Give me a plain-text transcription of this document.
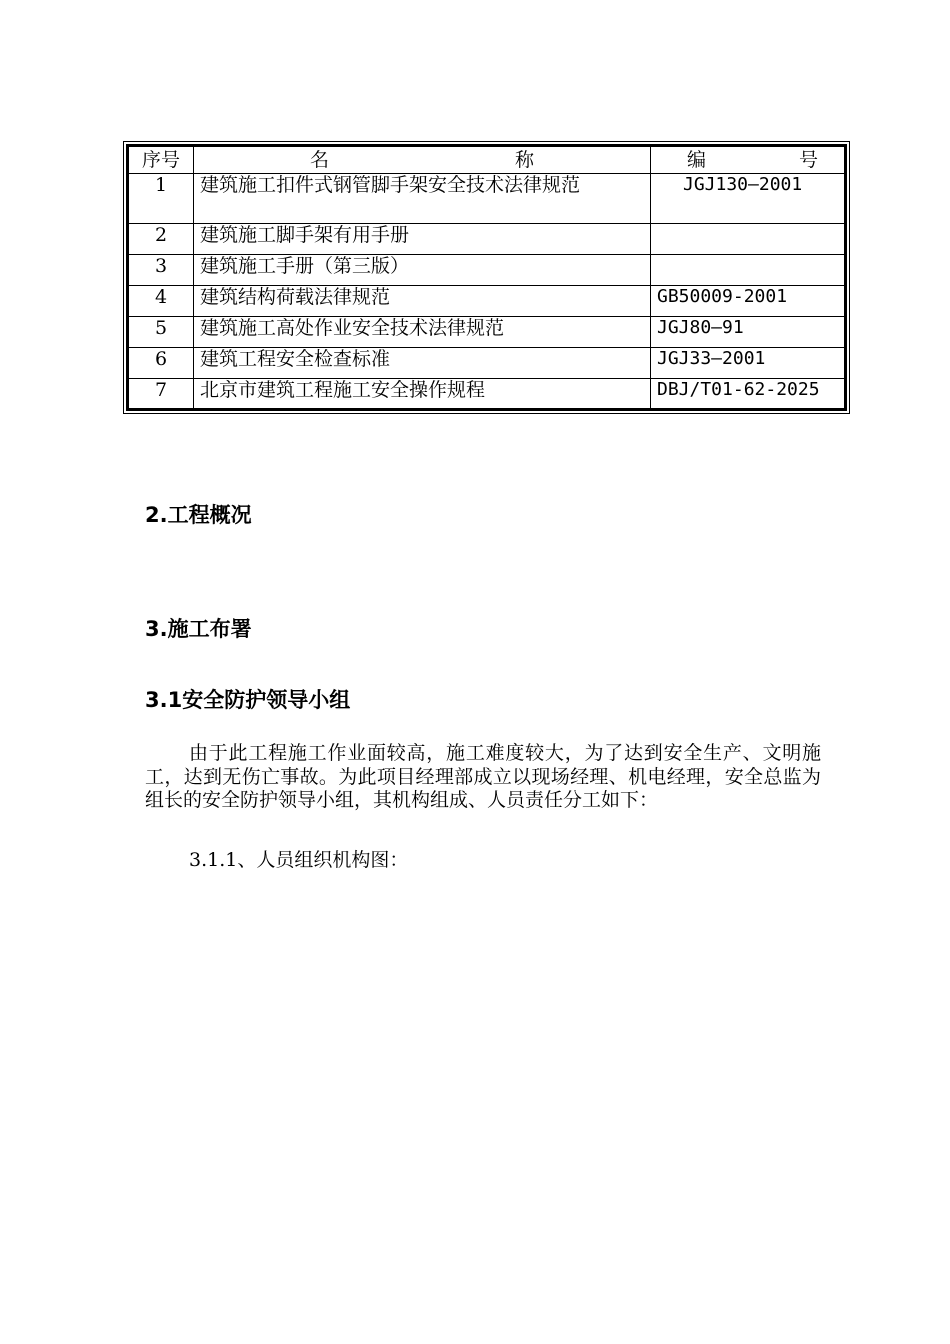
序号	名 称	编 号

1	建筑施工扣件式钢管脚手架安全技术法律规范	JGJ130—2001
2	建筑施工脚手架有用手册	
3	建筑施工手册（第三版）	
4	建筑结构荷载法律规范	GB50009-2001
5	建筑施工高处作业安全技术法律规范	JGJ80—91
6	建筑工程安全检查标准	JGJ33—2001
7	北京市建筑工程施工安全操作规程	DBJ/T01-62-2025
2.工程概况
3.施工布署
3.1安全防护领导小组
由于此工程施工作业面较高，施工难度较大，为了达到安全生产、文明施工，达到无伤亡事故。为此项目经理部成立以现场经理、机电经理，安全总监为组长的安全防护领导小组，其机构组成、人员责任分工如下：
3.1.1、人员组织机构图：
